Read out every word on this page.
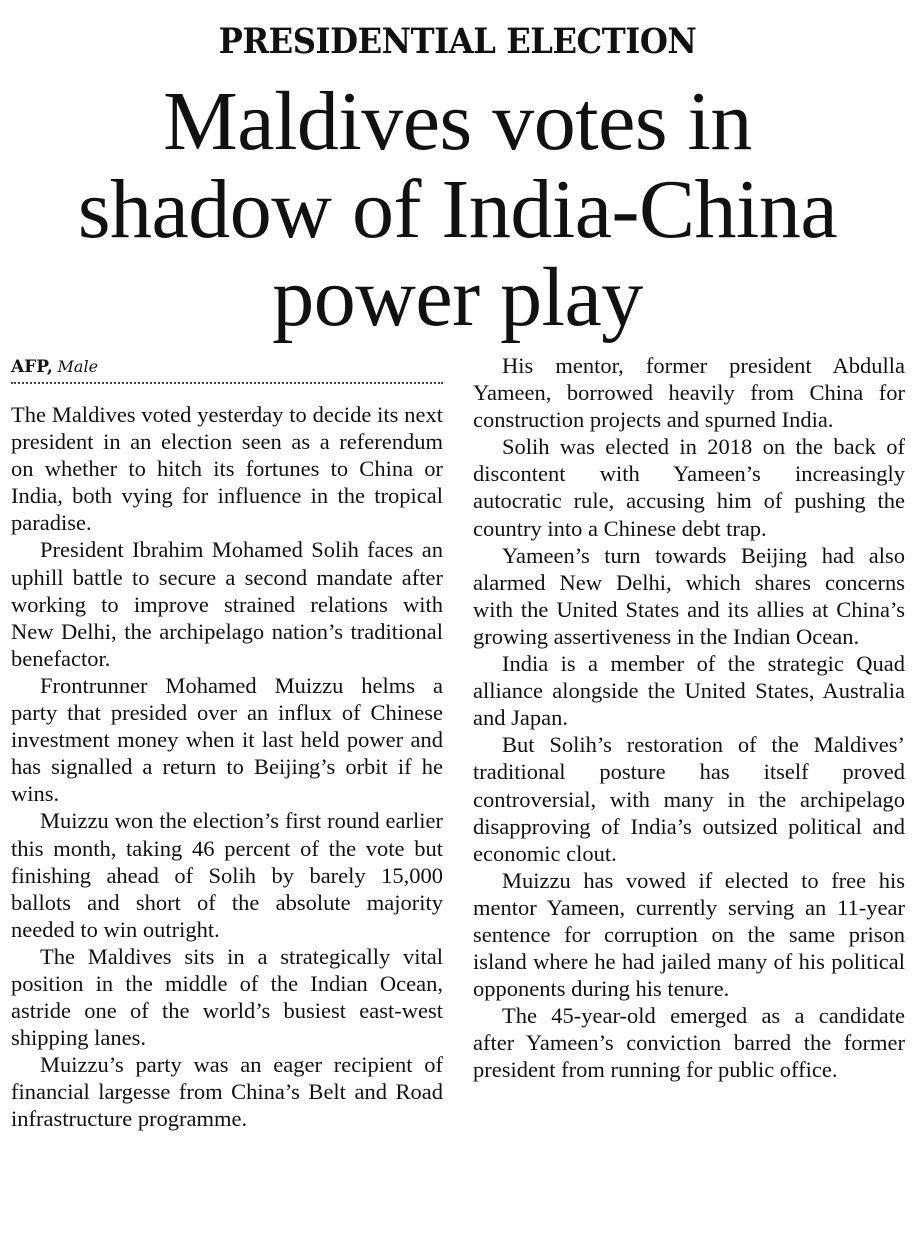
PRESIDENTIAL ELECTION
Maldives votes in
shadow of India-China
power play
AFP, Male

The Maldives voted yesterday to decide its next president in an election seen as a referendum on whether to hitch its fortunes to China or India, both vying for influence in the tropical paradise.

President Ibrahim Mohamed Solih faces an uphill battle to secure a second mandate after working to improve strained relations with New Delhi, the archipelago nation’s traditional benefactor.

Frontrunner Mohamed Muizzu helms a party that presided over an influx of Chinese investment money when it last held power and has signalled a return to Beijing’s orbit if he wins.

Muizzu won the election’s first round earlier this month, taking 46 percent of the vote but finishing ahead of Solih by barely 15,000 ballots and short of the absolute majority needed to win outright.

The Maldives sits in a strategically vital position in the middle of the Indian Ocean, astride one of the world’s busiest east-west shipping lanes.

Muizzu’s party was an eager recipient of financial largesse from China’s Belt and Road infrastructure programme.

His mentor, former president Abdulla Yameen, borrowed heavily from China for construction projects and spurned India.

Solih was elected in 2018 on the back of discontent with Yameen’s increasingly autocratic rule, accusing him of pushing the country into a Chinese debt trap.

Yameen’s turn towards Beijing had also alarmed New Delhi, which shares concerns with the United States and its allies at China’s growing assertiveness in the Indian Ocean.

India is a member of the strategic Quad alliance alongside the United States, Australia and Japan.

But Solih’s restoration of the Maldives’ traditional posture has itself proved controversial, with many in the archipelago disapproving of India’s outsized political and economic clout.

Muizzu has vowed if elected to free his mentor Yameen, currently serving an 11-year sentence for corruption on the same prison island where he had jailed many of his political opponents during his tenure.

The 45-year-old emerged as a candidate after Yameen’s conviction barred the former president from running for public office.
